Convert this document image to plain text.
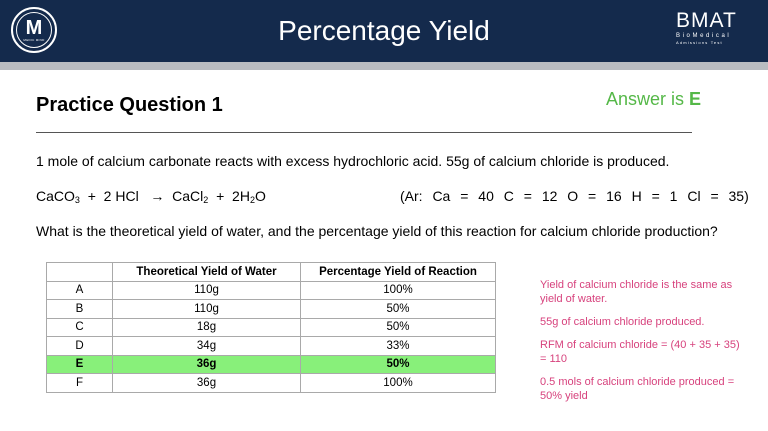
M
MEDIC MIND	Percentage Yield	BMAT
BioMedical
Admissions Test
Practice Question 1	Answer is E
1 mole of calcium carbonate reacts with excess hydrochloric acid. 55g of calcium chloride is produced.
CaCO$_3$ + 2 HCl → CaCl$_2$ + $2H_2O$	(Ar: Ca = 40 C = 12 O = 16 H = 1 Cl = 35)
What is the theoretical yield of water, and the percentage yield of this reaction for calcium chloride production?
	Theoretical Yield of Water	Percentage Yield of Reaction
A	110g	100%
B	110g	50%
C	18g	50%
D	34g	33%
E	36g	50%
F	36g	100%

Yield of calcium chloride is the same as yield of water.

55g of calcium chloride produced.

RFM of calcium chloride = (40 + 35 + 35) = 110

0.5 mols of calcium chloride produced = 50% yield
